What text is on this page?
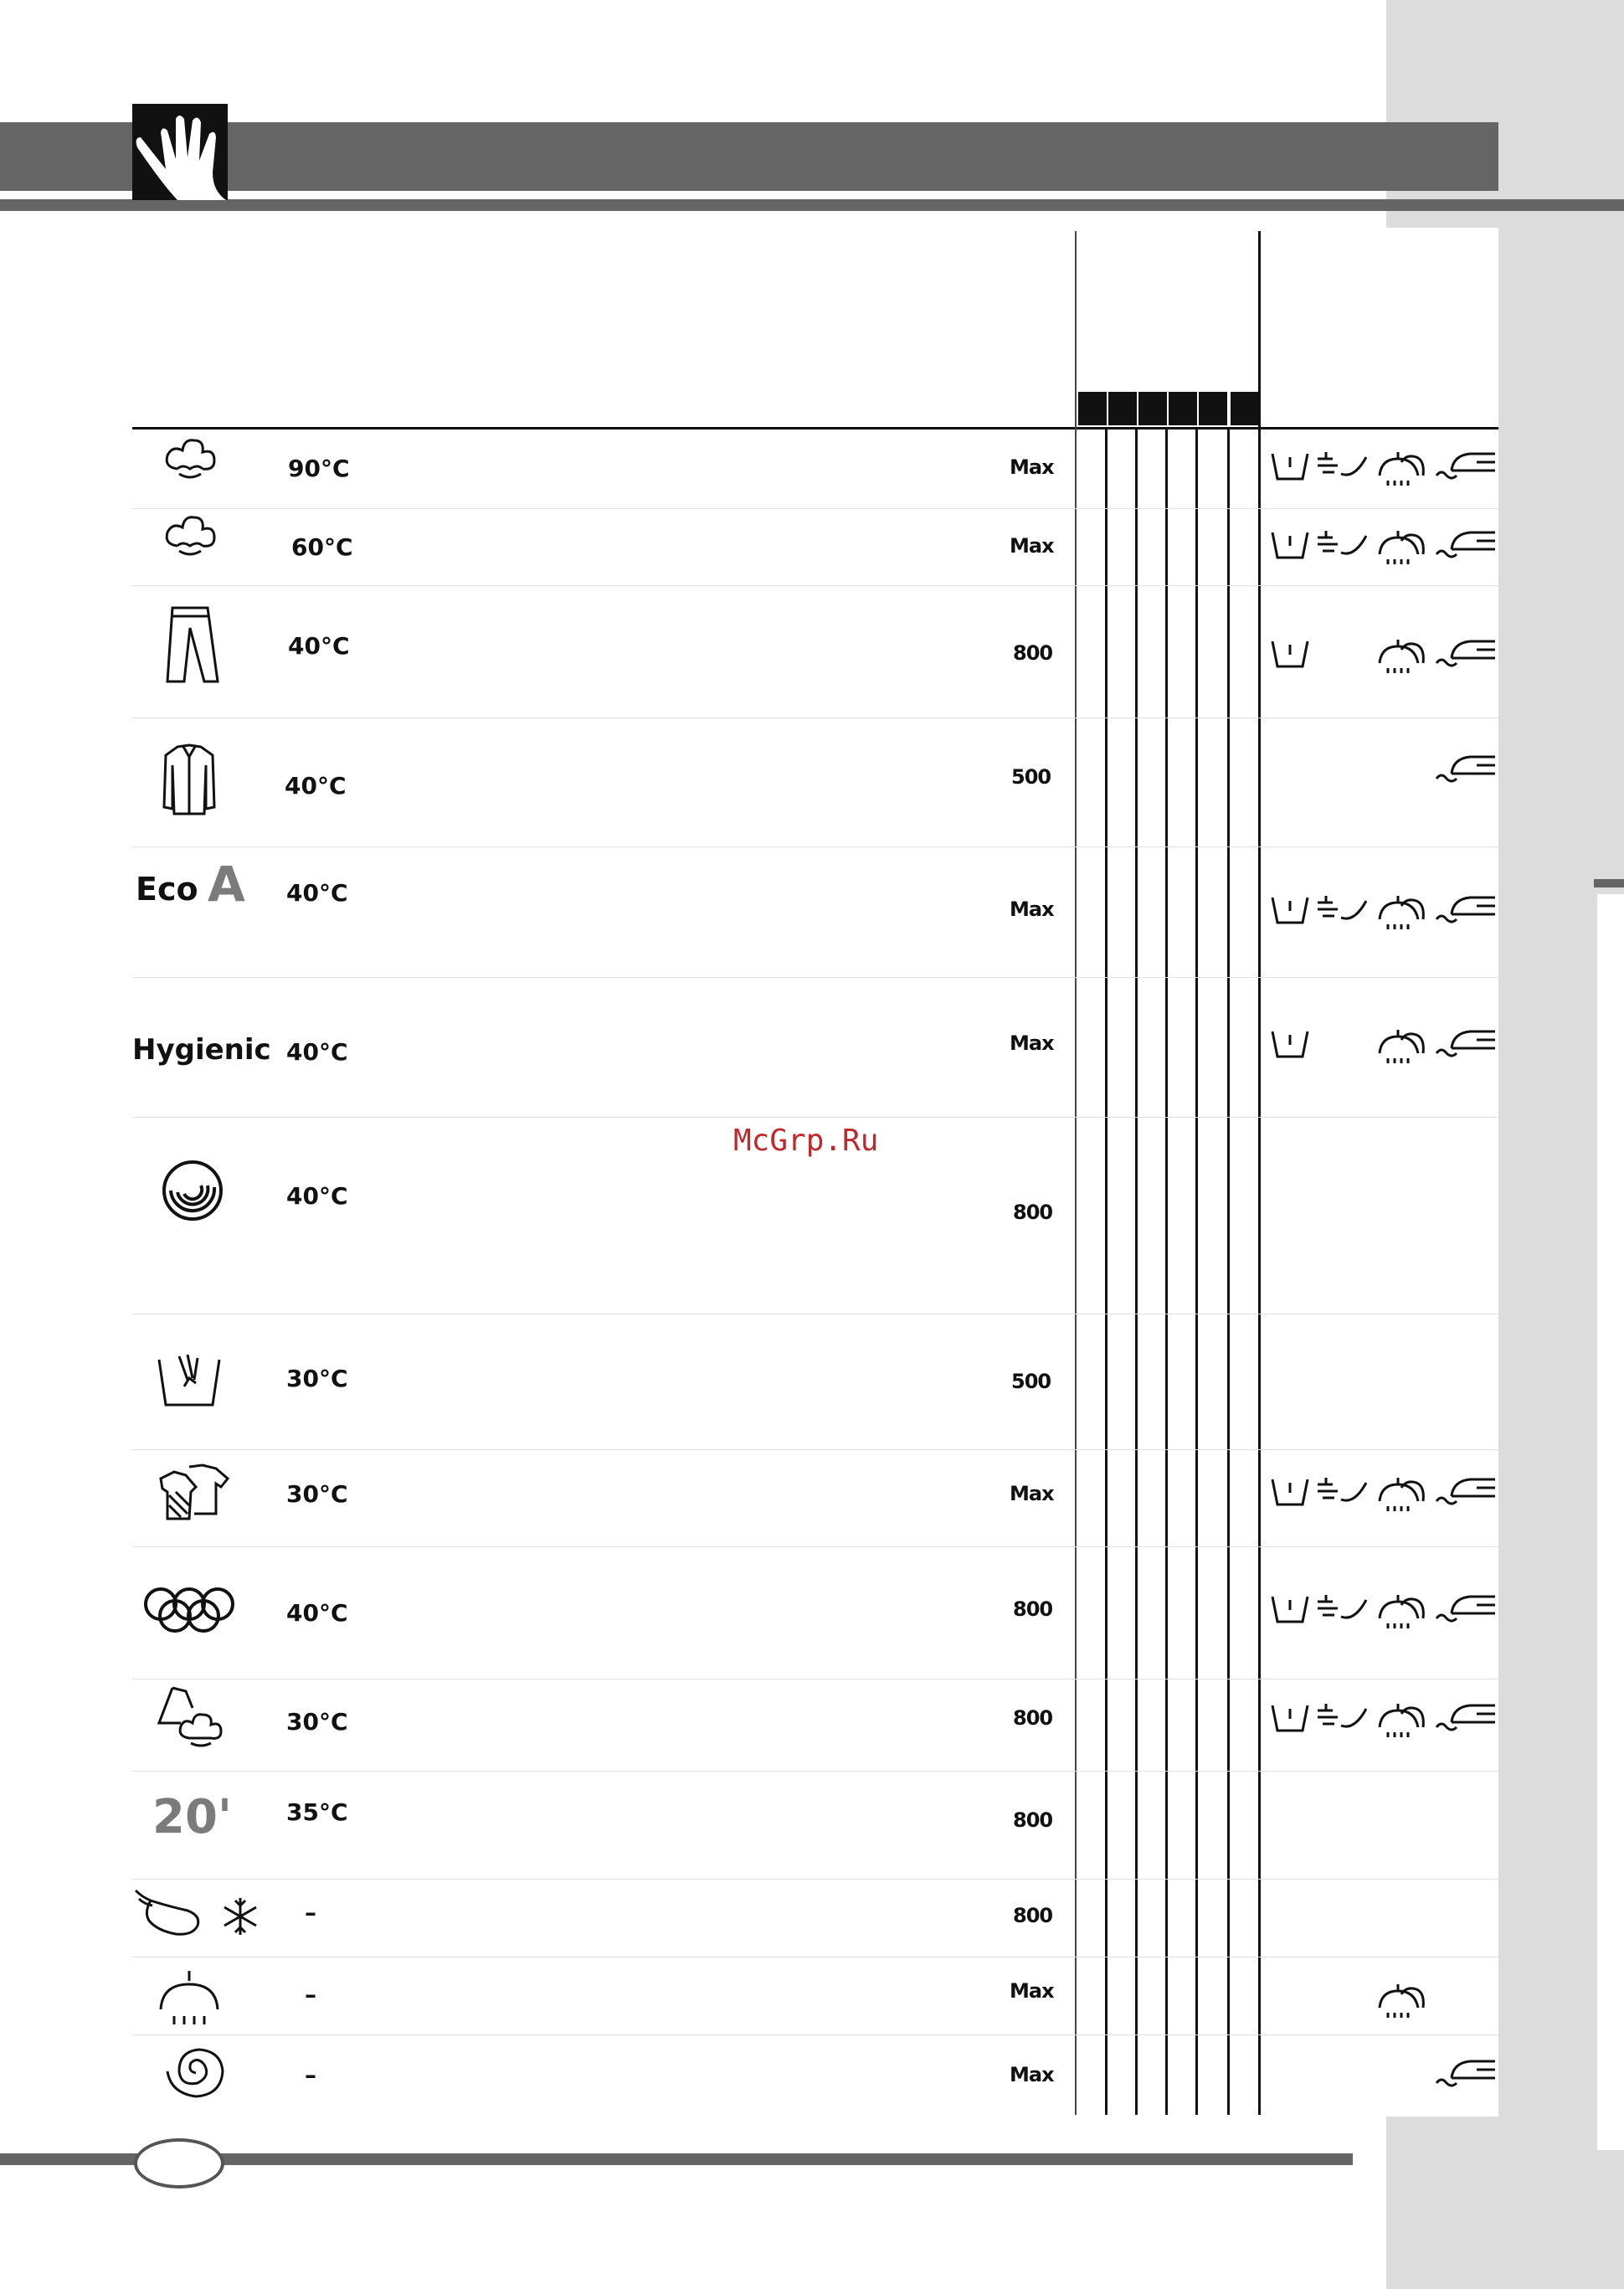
Eco A
Hygienic
20'
90°C
60°C
40°C
40°C
40°C
40°C
40°C
30°C
30°C
40°C
30°C
35°C
–
–
–
Max
Max
800
500
Max
Max
800
500
Max
800
800
800
800
Max
Max
McGrp.Ru
